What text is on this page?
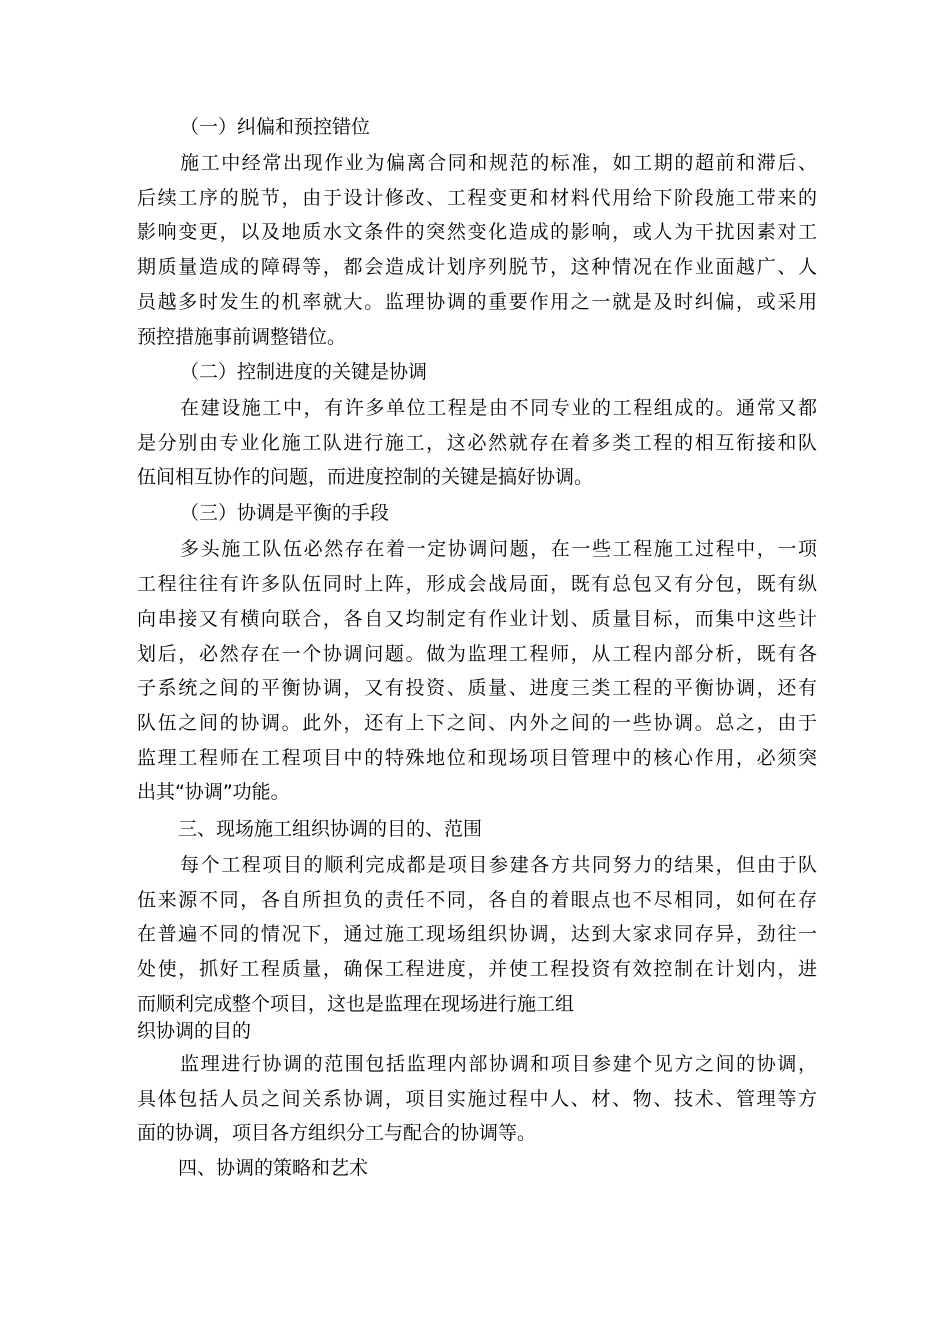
（一）纠偏和预控错位
施工中经常出现作业为偏离合同和规范的标准，如工期的超前和滞后、
后续工序的脱节，由于设计修改、工程变更和材料代用给下阶段施工带来的
影响变更，以及地质水文条件的突然变化造成的影响，或人为干扰因素对工
期质量造成的障碍等，都会造成计划序列脱节，这种情况在作业面越广、人
员越多时发生的机率就大。监理协调的重要作用之一就是及时纠偏，或采用
预控措施事前调整错位。
（二）控制进度的关键是协调
在建设施工中，有许多单位工程是由不同专业的工程组成的。通常又都
是分别由专业化施工队进行施工，这必然就存在着多类工程的相互衔接和队
伍间相互协作的问题，而进度控制的关键是搞好协调。
（三）协调是平衡的手段
多头施工队伍必然存在着一定协调问题，在一些工程施工过程中，一项
工程往往有许多队伍同时上阵，形成会战局面，既有总包又有分包，既有纵
向串接又有横向联合，各自又均制定有作业计划、质量目标，而集中这些计
划后，必然存在一个协调问题。做为监理工程师，从工程内部分析，既有各
子系统之间的平衡协调，又有投资、质量、进度三类工程的平衡协调，还有
队伍之间的协调。此外，还有上下之间、内外之间的一些协调。总之，由于
监理工程师在工程项目中的特殊地位和现场项目管理中的核心作用，必须突
出其“协调”功能。
三、现场施工组织协调的目的、范围
每个工程项目的顺利完成都是项目参建各方共同努力的结果，但由于队
伍来源不同，各自所担负的责任不同，各自的着眼点也不尽相同，如何在存
在普遍不同的情况下，通过施工现场组织协调，达到大家求同存异，劲往一
处使，抓好工程质量，确保工程进度，并使工程投资有效控制在计划内，进
而顺利完成整个项目，这也是监理在现场进行施工组
织协调的目的
监理进行协调的范围包括监理内部协调和项目参建个见方之间的协调，
具体包括人员之间关系协调，项目实施过程中人、材、物、技术、管理等方
面的协调，项目各方组织分工与配合的协调等。
四、协调的策略和艺术
